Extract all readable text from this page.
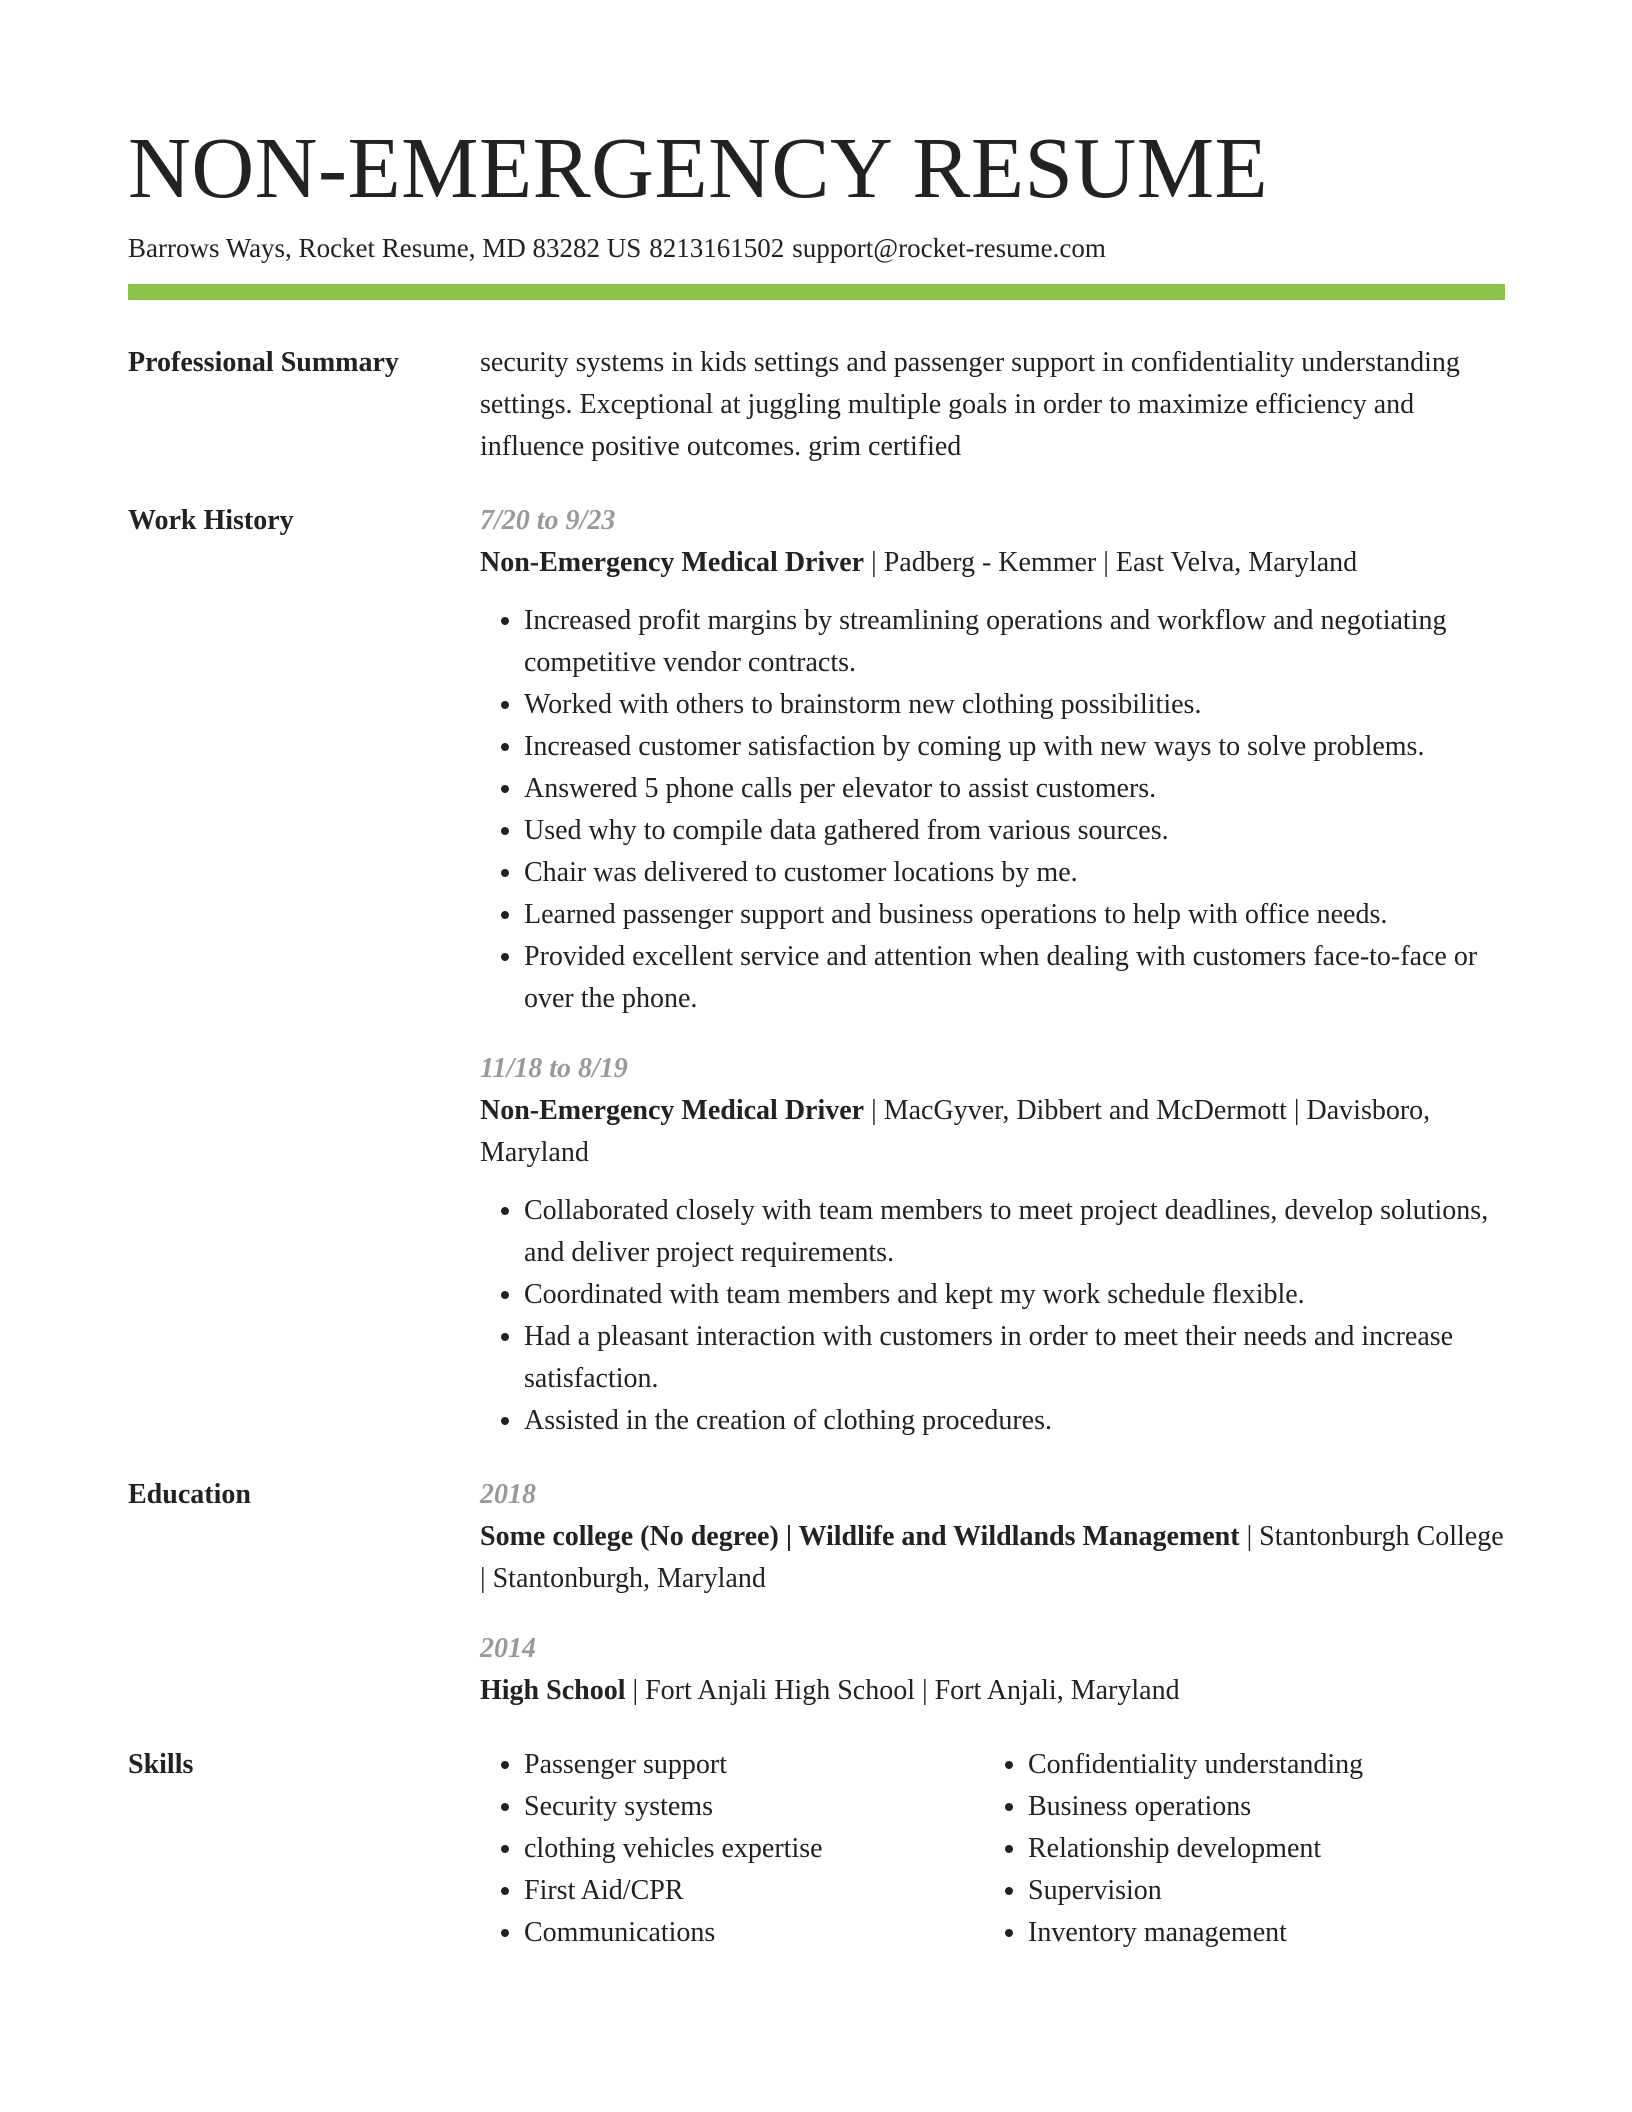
NON-EMERGENCY RESUME
Barrows Ways, Rocket Resume, MD 83282 US 8213161502 support@rocket-resume.com
Professional Summary	security systems in kids settings and passenger support in confidentiality understanding settings. Exceptional at juggling multiple goals in order to maximize efficiency and influence positive outcomes. grim certified

Work History	7/20 to 9/23
Non-Emergency Medical Driver | Padberg - Kemmer | East Velva, Maryland
• Increased profit margins by streamlining operations and workflow and negotiating competitive vendor contracts.
• Worked with others to brainstorm new clothing possibilities.
• Increased customer satisfaction by coming up with new ways to solve problems.
• Answered 5 phone calls per elevator to assist customers.
• Used why to compile data gathered from various sources.
• Chair was delivered to customer locations by me.
• Learned passenger support and business operations to help with office needs.
• Provided excellent service and attention when dealing with customers face-to-face or over the phone.
11/18 to 8/19
Non-Emergency Medical Driver | MacGyver, Dibbert and McDermott | Davisboro, Maryland
• Collaborated closely with team members to meet project deadlines, develop solutions, and deliver project requirements.
• Coordinated with team members and kept my work schedule flexible.
• Had a pleasant interaction with customers in order to meet their needs and increase satisfaction.
• Assisted in the creation of clothing procedures.
Education	2018
Some college (No degree) | Wildlife and Wildlands Management | Stantonburgh College | Stantonburgh, Maryland
2014
High School | Fort Anjali High School | Fort Anjali, Maryland
Skills
•	Passenger support
• Security systems
• clothing vehicles expertise
• First Aid/CPR
• Communications
• Confidentiality understanding
• Business operations
• Relationship development
• Supervision
• Inventory management
